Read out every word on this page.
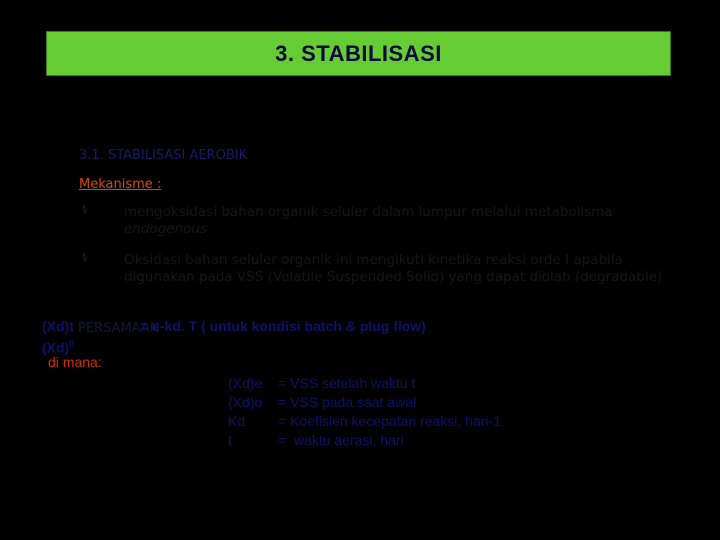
3. STABILISASI
3.1. STABILISASI AEROBIK
Mekanisme :
§	mengoksidasi bahan organik seluler dalam lumpur melalui metabolisma endogenous
§	Oksidasi bahan seluler organik ini mengikuti kinetika reaksi orde I apabila digunakan pada VSS (Volatile Suspended Solid) yang dapat diolah (degradable)
PERSAMAAN
(Xd)t	= e-kd. T ( untuk kondisi batch & plug flow)
$(Xd)^0$
di mana:
(Xd)e = VSS setelah waktu t
(Xd)o = VSS pada saat awal
Kd = Koefisien kecepatan reaksi, hari-1
t	=  waktu aerasi, hari
